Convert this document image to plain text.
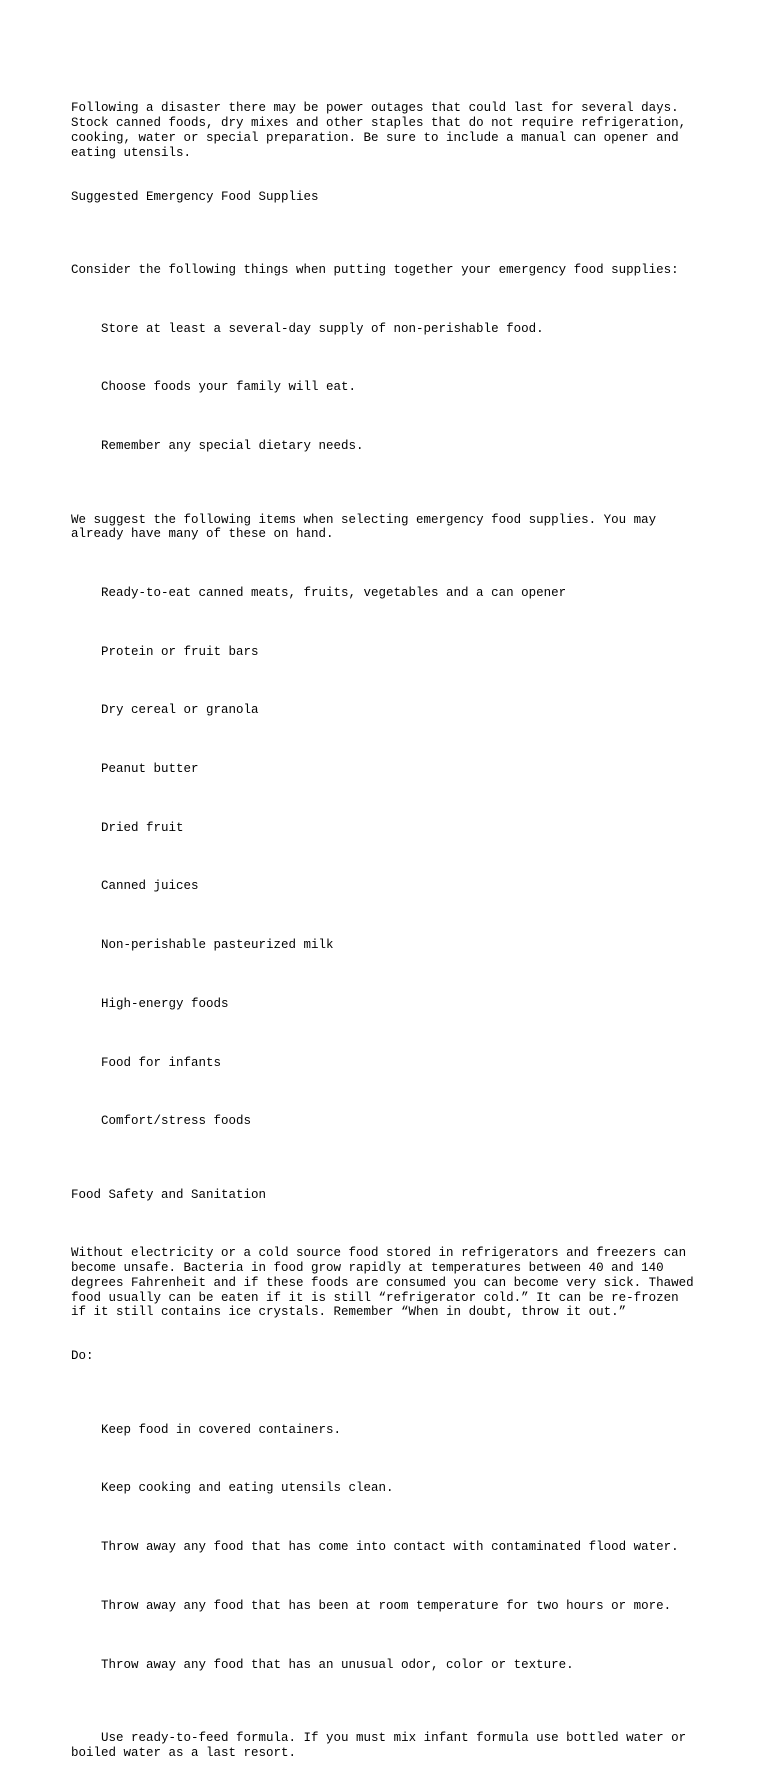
Following a disaster there may be power outages that could last for several days.
Stock canned foods, dry mixes and other staples that do not require refrigeration,
cooking, water or special preparation. Be sure to include a manual can opener and
eating utensils.

Suggested Emergency Food Supplies

Consider the following things when putting together your emergency food supplies:

Store at least a several-day supply of non-perishable food.

Choose foods your family will eat.

Remember any special dietary needs.

We suggest the following items when selecting emergency food supplies. You may
already have many of these on hand.

Ready-to-eat canned meats, fruits, vegetables and a can opener

Protein or fruit bars

Dry cereal or granola

Peanut butter

Dried fruit

Canned juices

Non-perishable pasteurized milk

High-energy foods

Food for infants

Comfort/stress foods

Food Safety and Sanitation

Without electricity or a cold source food stored in refrigerators and freezers can
become unsafe. Bacteria in food grow rapidly at temperatures between 40 and 140
degrees Fahrenheit and if these foods are consumed you can become very sick. Thawed
food usually can be eaten if it is still “refrigerator cold.” It can be re-frozen
if it still contains ice crystals. Remember “When in doubt, throw it out.”

Do:

Keep food in covered containers.

Keep cooking and eating utensils clean.

Throw away any food that has come into contact with contaminated flood water.

Throw away any food that has been at room temperature for two hours or more.

Throw away any food that has an unusual odor, color or texture.

Use ready-to-feed formula. If you must mix infant formula use bottled water or
boiled water as a last resort.
